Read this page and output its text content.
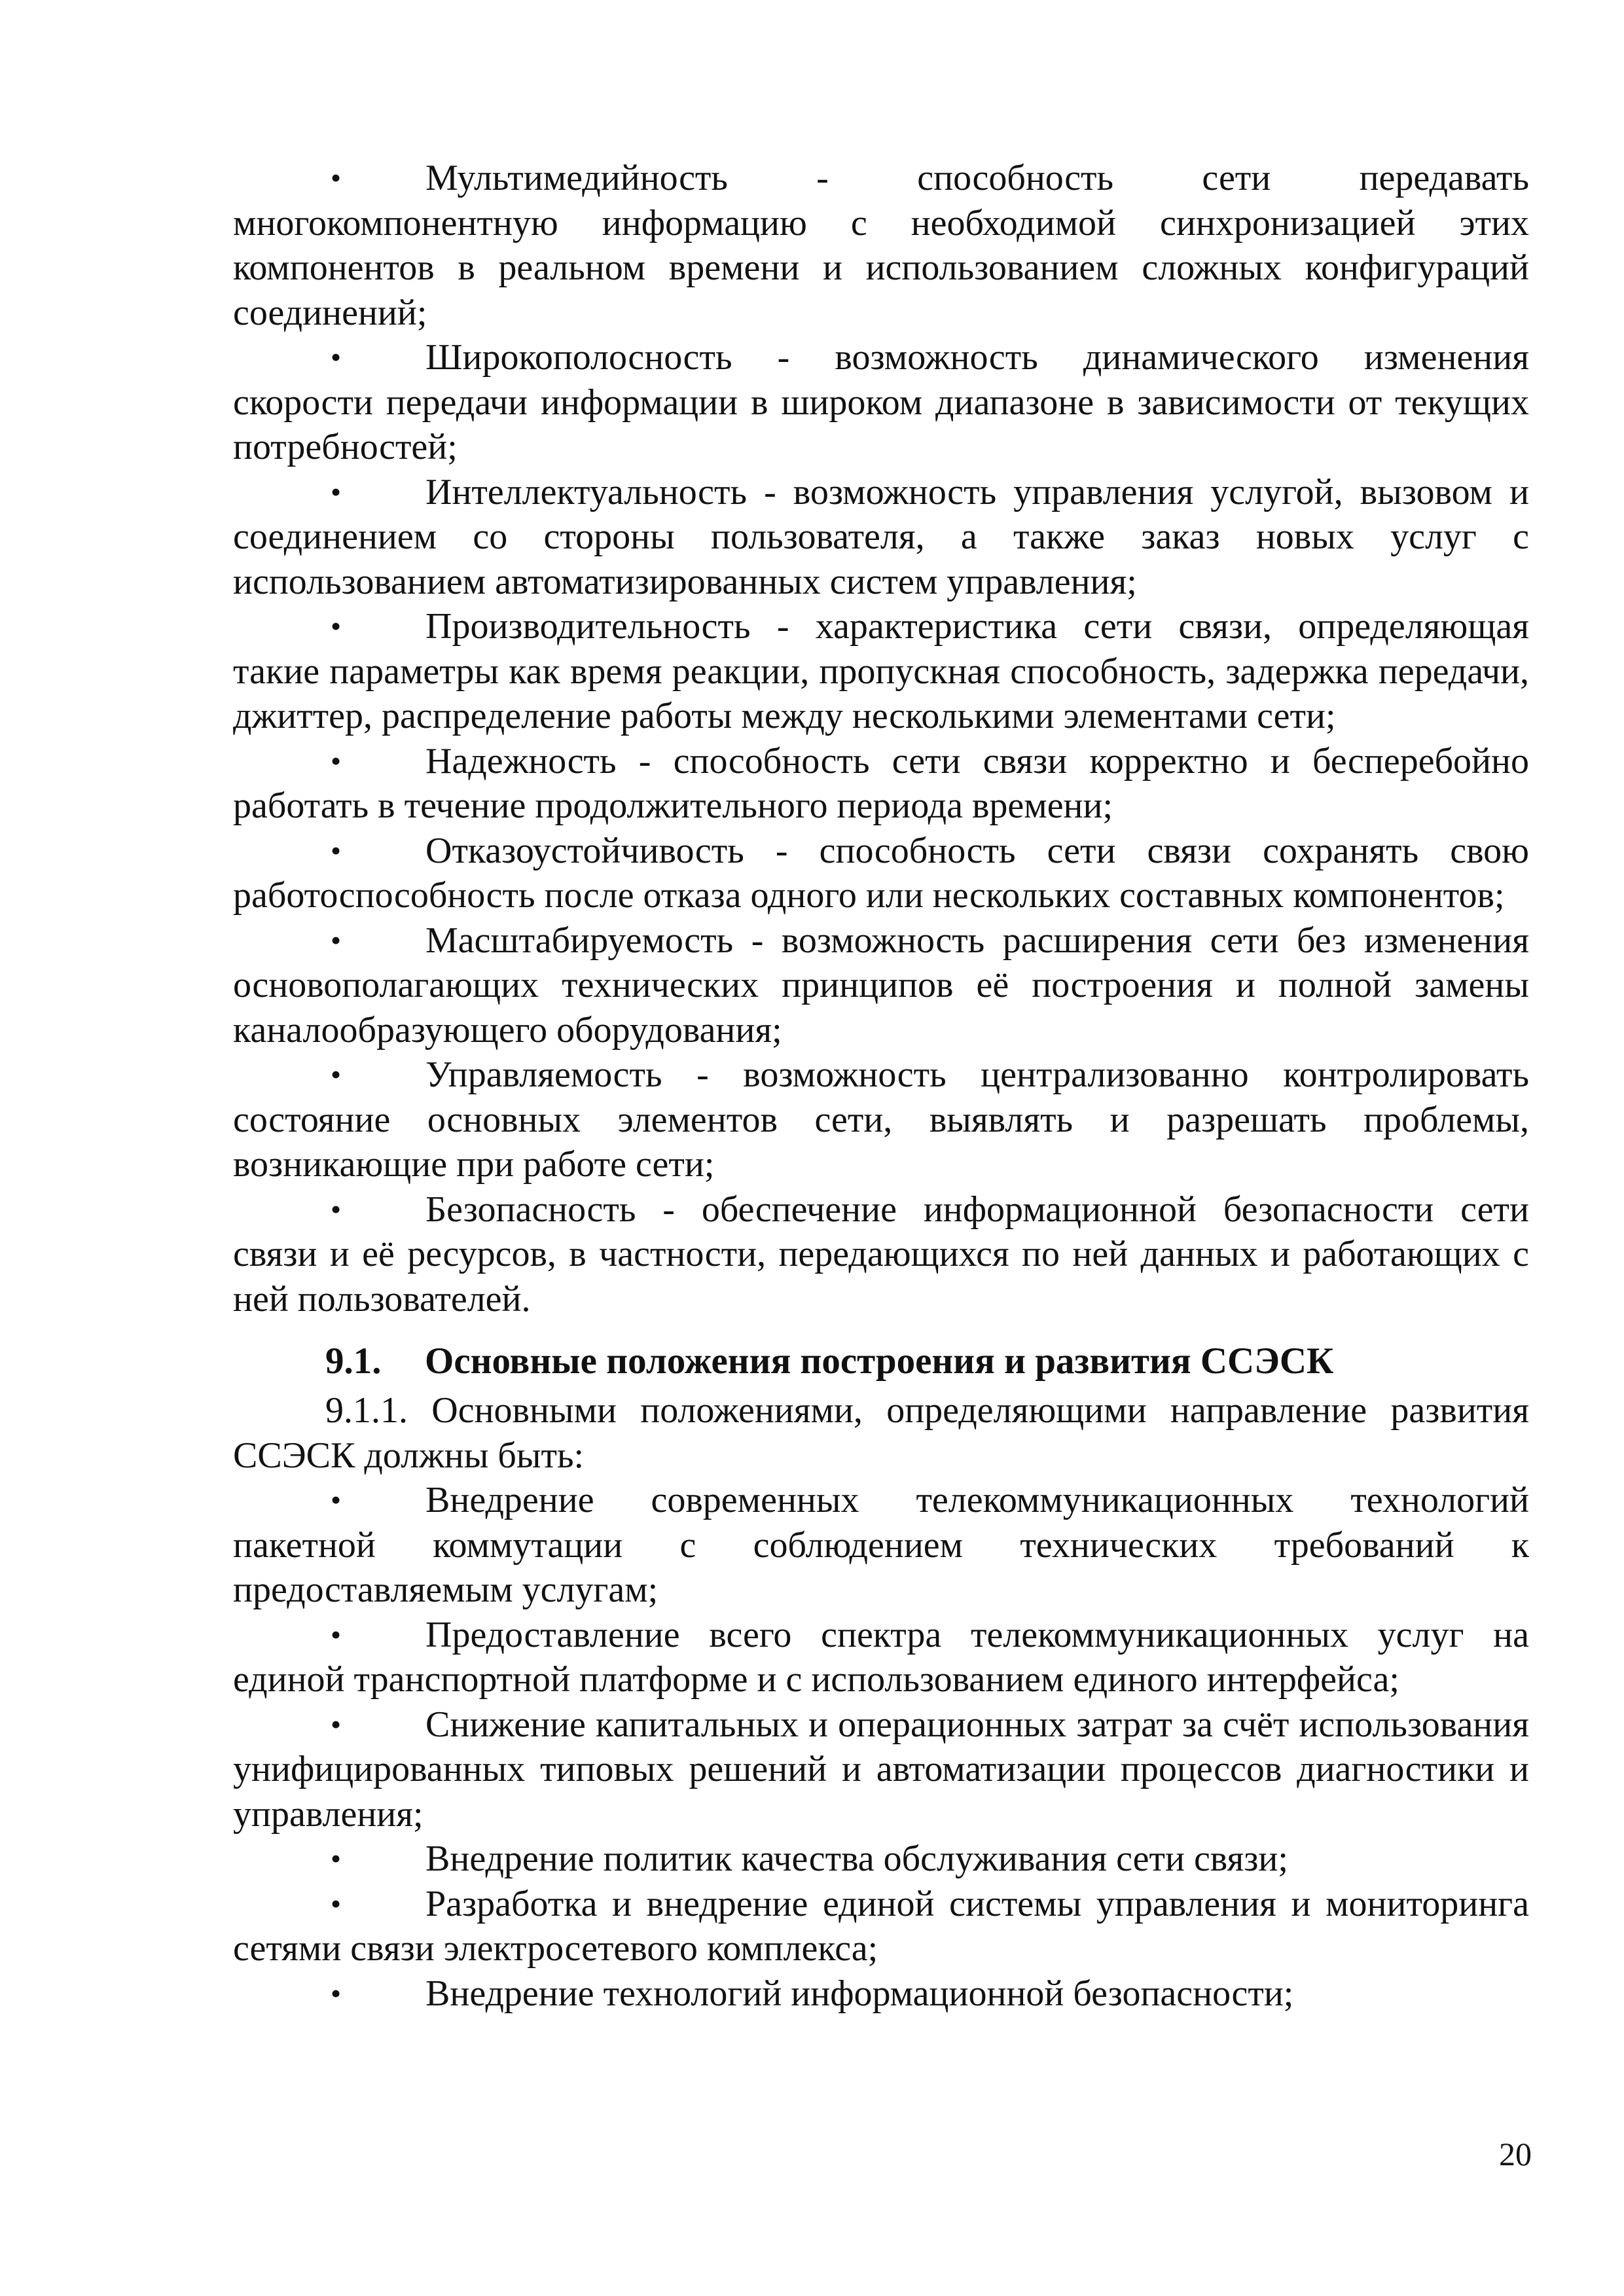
• Мультимедийность - способность сети передавать многокомпонентную информацию с необходимой синхронизацией этих компонентов в реальном времени и использованием сложных конфигураций соединений;

• Широкополосность - возможность динамического изменения скорости передачи информации в широком диапазоне в зависимости от текущих потребностей;

• Интеллектуальность - возможность управления услугой, вызовом и соединением со стороны пользователя, а также заказ новых услуг с использованием автоматизированных систем управления;

• Производительность - характеристика сети связи, определяющая такие параметры как время реакции, пропускная способность, задержка передачи, джиттер, распределение работы между несколькими элементами сети;

• Надежность - способность сети связи корректно и бесперебойно работать в течение продолжительного периода времени;

• Отказоустойчивость - способность сети связи сохранять свою работоспособность после отказа одного или нескольких составных компонентов;

• Масштабируемость - возможность расширения сети без изменения основополагающих технических принципов её построения и полной замены каналообразующего оборудования;

• Управляемость - возможность централизованно контролировать состояние основных элементов сети, выявлять и разрешать проблемы, возникающие при работе сети;

• Безопасность - обеспечение информационной безопасности сети связи и её ресурсов, в частности, передающихся по ней данных и работающих с ней пользователей.

9.1. Основные положения построения и развития ССЭСК

9.1.1. Основными положениями, определяющими направление развития ССЭСК должны быть:

• Внедрение современных телекоммуникационных технологий пакетной коммутации с соблюдением технических требований к предоставляемым услугам;

• Предоставление всего спектра телекоммуникационных услуг на единой транспортной платформе и с использованием единого интерфейса;

• Снижение капитальных и операционных затрат за счёт использования унифицированных типовых решений и автоматизации процессов диагностики и управления;

• Внедрение политик качества обслуживания сети связи;

• Разработка и внедрение единой системы управления и мониторинга сетями связи электросетевого комплекса;

• Внедрение технологий информационной безопасности;

20
